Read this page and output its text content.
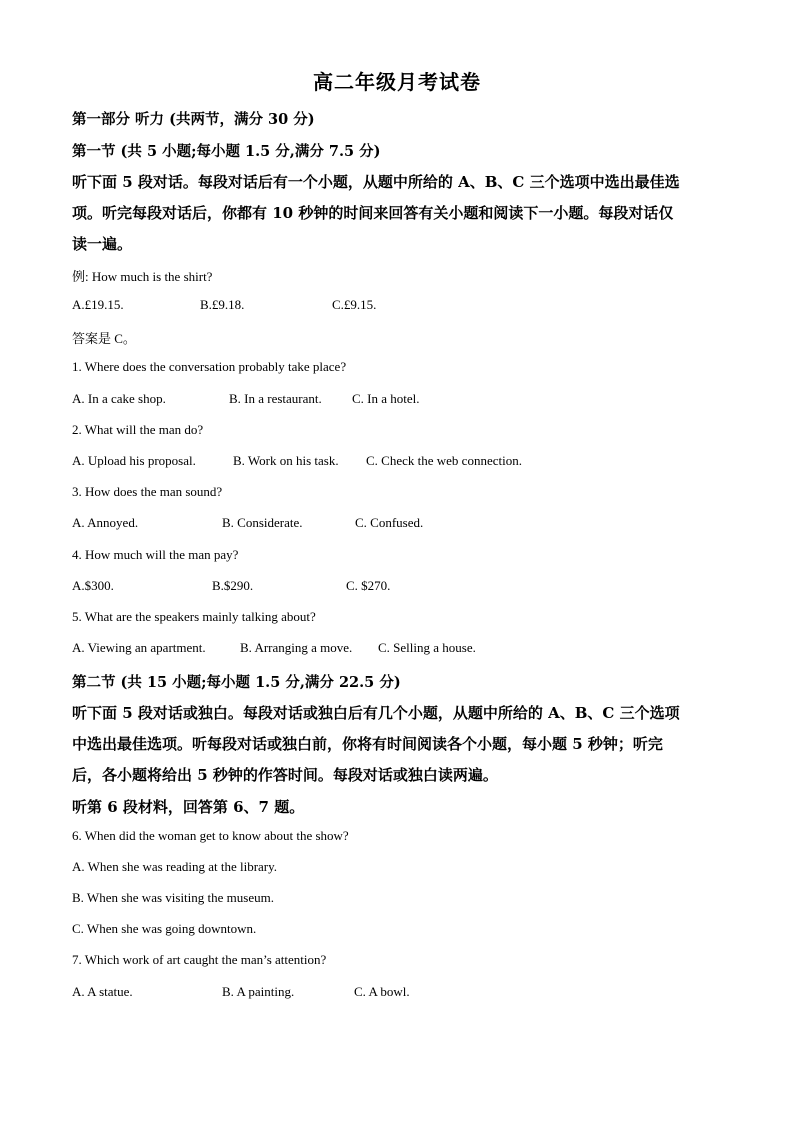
高二年级月考试卷
第一部分 听力 (共两节，满分 30 分)
第一节 (共 5 小题;每小题 1.5 分,满分 7.5 分)
听下面 5 段对话。每段对话后有一个小题，从题中所给的 A、B、C 三个选项中选出最佳选
项。听完每段对话后，你都有 10 秒钟的时间来回答有关小题和阅读下一小题。每段对话仅
读一遍。
例: How much is the shirt?
A.£19.15.	B.£9.18.	C.£9.15.
答案是 C。
1. Where does the conversation probably take place?
A. In a cake shop.	B. In a restaurant. C. In a hotel.
2. What will the man do?
A. Upload his proposal.	B. Work on his task. C. Check the web connection.
3. How does the man sound?
A. Annoyed.	B. Considerate.	C. Confused.
4. How much will the man pay?
A.$300.	B.$290.	C. $270.
5. What are the speakers mainly talking about?
A. Viewing an apartment.	B. Arranging a move. C. Selling a house.
第二节 (共 15 小题;每小题 1.5 分,满分 22.5 分)
听下面 5 段对话或独白。每段对话或独白后有几个小题，从题中所给的 A、B、C 三个选项
中选出最佳选项。听每段对话或独白前，你将有时间阅读各个小题，每小题 5 秒钟；听完
后，各小题将给出 5 秒钟的作答时间。每段对话或独白读两遍。
听第 6 段材料，回答第 6、7 题。
6. When did the woman get to know about the show?
A. When she was reading at the library.
B. When she was visiting the museum.
C. When she was going downtown.
7. Which work of art caught the man’s attention?
A. A statue.	B. A painting.	C. A bowl.
